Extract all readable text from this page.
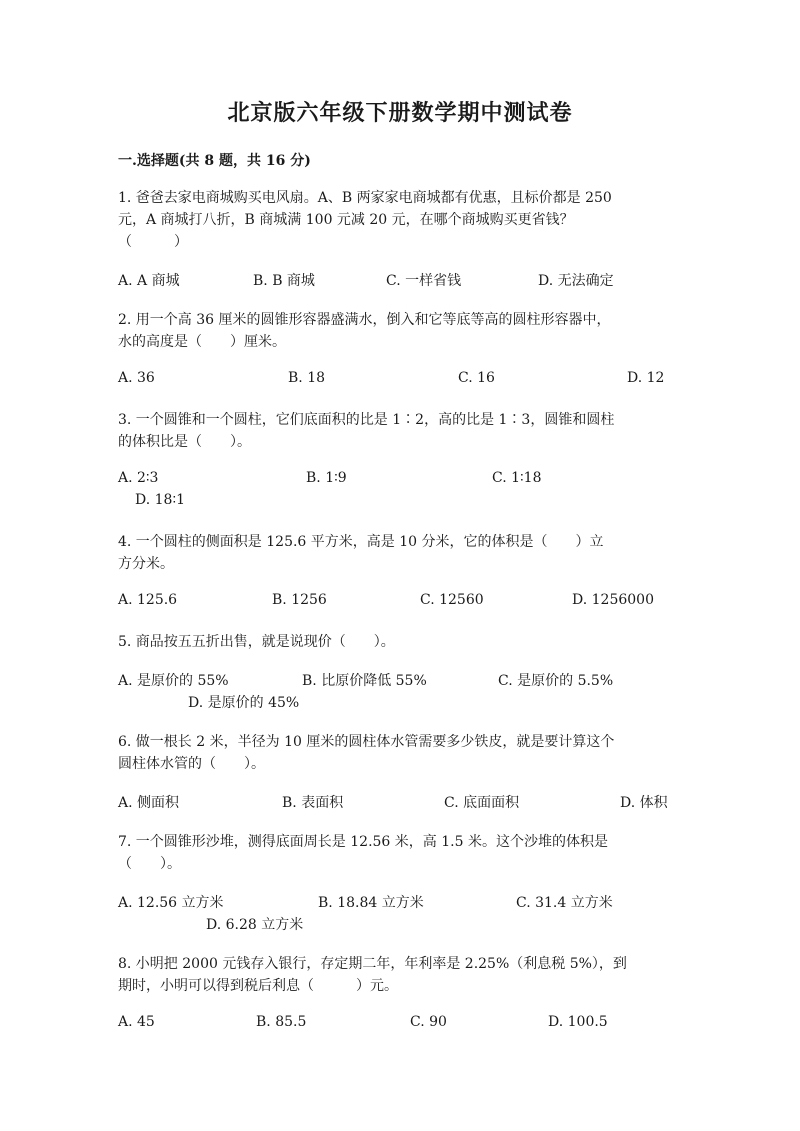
北京版六年级下册数学期中测试卷
一.选择题(共 8 题，共 16 分)
1. 爸爸去家电商城购买电风扇。A、B 两家家电商城都有优惠，且标价都是 250
元，A 商城打八折，B 商城满 100 元减 20 元，在哪个商城购买更省钱？
（　　　）
A. A 商城	B. B 商城	C. 一样省钱	D. 无法确定
2. 用一个高 36 厘米的圆锥形容器盛满水，倒入和它等底等高的圆柱形容器中，
水的高度是（　　）厘米。
A. 36	B. 18	C. 16	D. 12
3. 一个圆锥和一个圆柱，它们底面积的比是 1∶2，高的比是 1∶3，圆锥和圆柱
的体积比是（　　）。
A. 2∶3	B. 1∶9	C. 1∶18
D. 18∶1
4. 一个圆柱的侧面积是 125.6 平方米，高是 10 分米，它的体积是（　　）立
方分米。
A. 125.6	B. 1256	C. 12560	D. 1256000
5. 商品按五五折出售，就是说现价（　　）。
A. 是原价的 55%	B. 比原价降低 55%	C. 是原价的 5.5%
D. 是原价的 45%
6. 做一根长 2 米，半径为 10 厘米的圆柱体水管需要多少铁皮，就是要计算这个
圆柱体水管的（　　）。
A. 侧面积	B. 表面积	C. 底面面积	D. 体积
7. 一个圆锥形沙堆，测得底面周长是 12.56 米，高 1.5 米。这个沙堆的体积是
（　　）。
A. 12.56 立方米	B. 18.84 立方米	C. 31.4 立方米
D. 6.28 立方米
8. 小明把 2000 元钱存入银行，存定期二年，年利率是 2.25%（利息税 5%），到
期时，小明可以得到税后利息（　　　）元。
A. 45	B. 85.5	C. 90	D. 100.5
